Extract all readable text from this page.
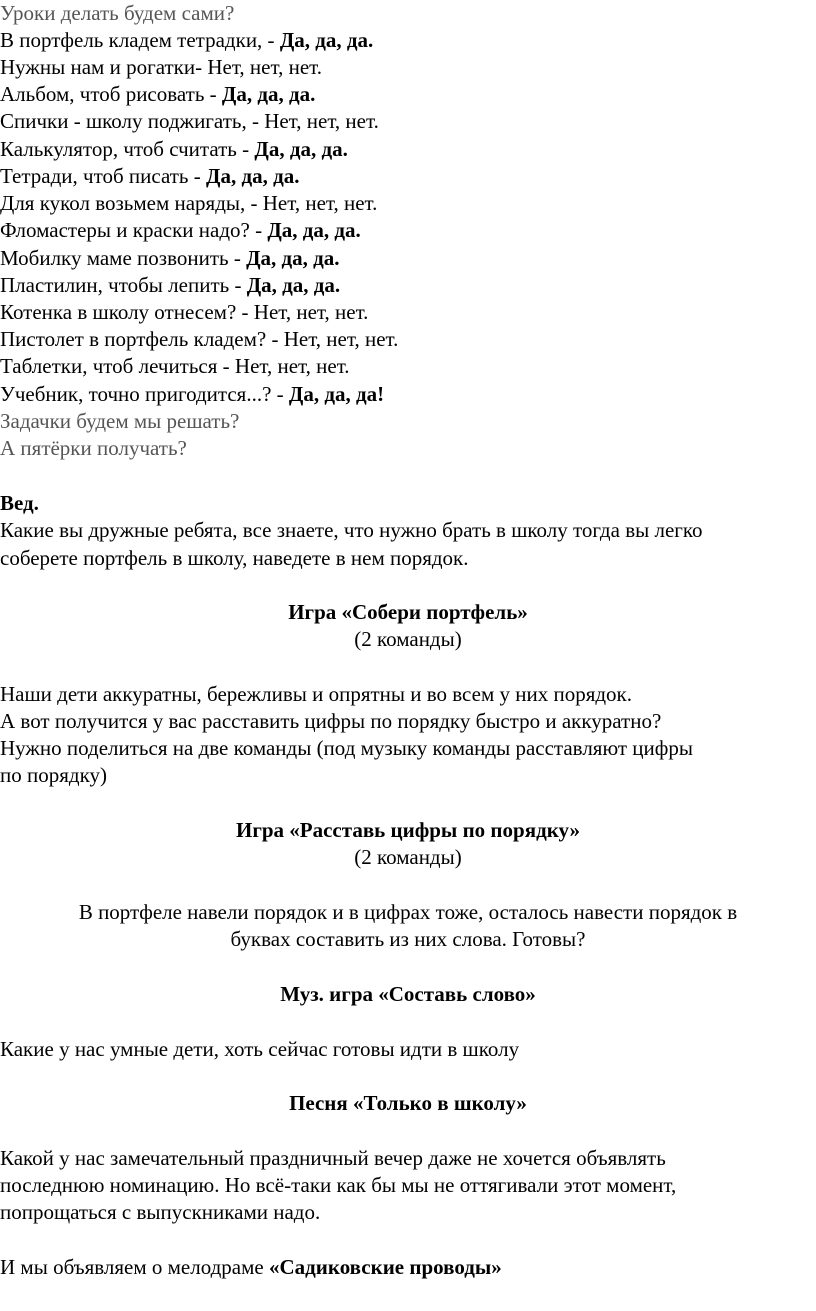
Уроки делать будем сами?
В портфель кладем тетрадки, - Да, да, да.
Нужны нам и рогатки- Нет, нет, нет.
Альбом, чтоб рисовать - Да, да, да.
Спички - школу поджигать, - Нет, нет, нет.
Калькулятор, чтоб считать - Да, да, да.
Тетради, чтоб писать - Да, да, да.
Для кукол возьмем наряды, - Нет, нет, нет.
Фломастеры и краски надо? - Да, да, да.
Мобилку маме позвонить - Да, да, да.
Пластилин, чтобы лепить - Да, да, да.
Котенка в школу отнесем? - Нет, нет, нет.
Пистолет в портфель кладем? - Нет, нет, нет.
Таблетки, чтоб лечиться - Нет, нет, нет.
Учебник, точно пригодится...? - Да, да, да!
Задачки будем мы решать?
А пятёрки получать?
Вед.
Какие вы дружные ребята, все знаете, что нужно брать в школу тогда вы легко
соберете портфель в школу, наведете в нем порядок.
Игра «Собери портфель»
(2 команды)
Наши дети аккуратны, бережливы и опрятны и во всем у них порядок.
А вот получится у вас расставить цифры по порядку быстро и аккуратно?
Нужно поделиться на две команды (под музыку команды расставляют цифры
по порядку)
Игра «Расставь цифры по порядку»
(2 команды)
В портфеле навели порядок и в цифрах тоже, осталось навести порядок в
буквах составить из них слова. Готовы?
Муз. игра «Составь слово»
Какие у нас умные дети, хоть сейчас готовы идти в школу
Песня «Только в школу»
Какой у нас замечательный праздничный вечер даже не хочется объявлять
последнюю номинацию. Но всё-таки как бы мы не оттягивали этот момент,
попрощаться с выпускниками надо.
И мы объявляем о мелодраме «Садиковские проводы»
